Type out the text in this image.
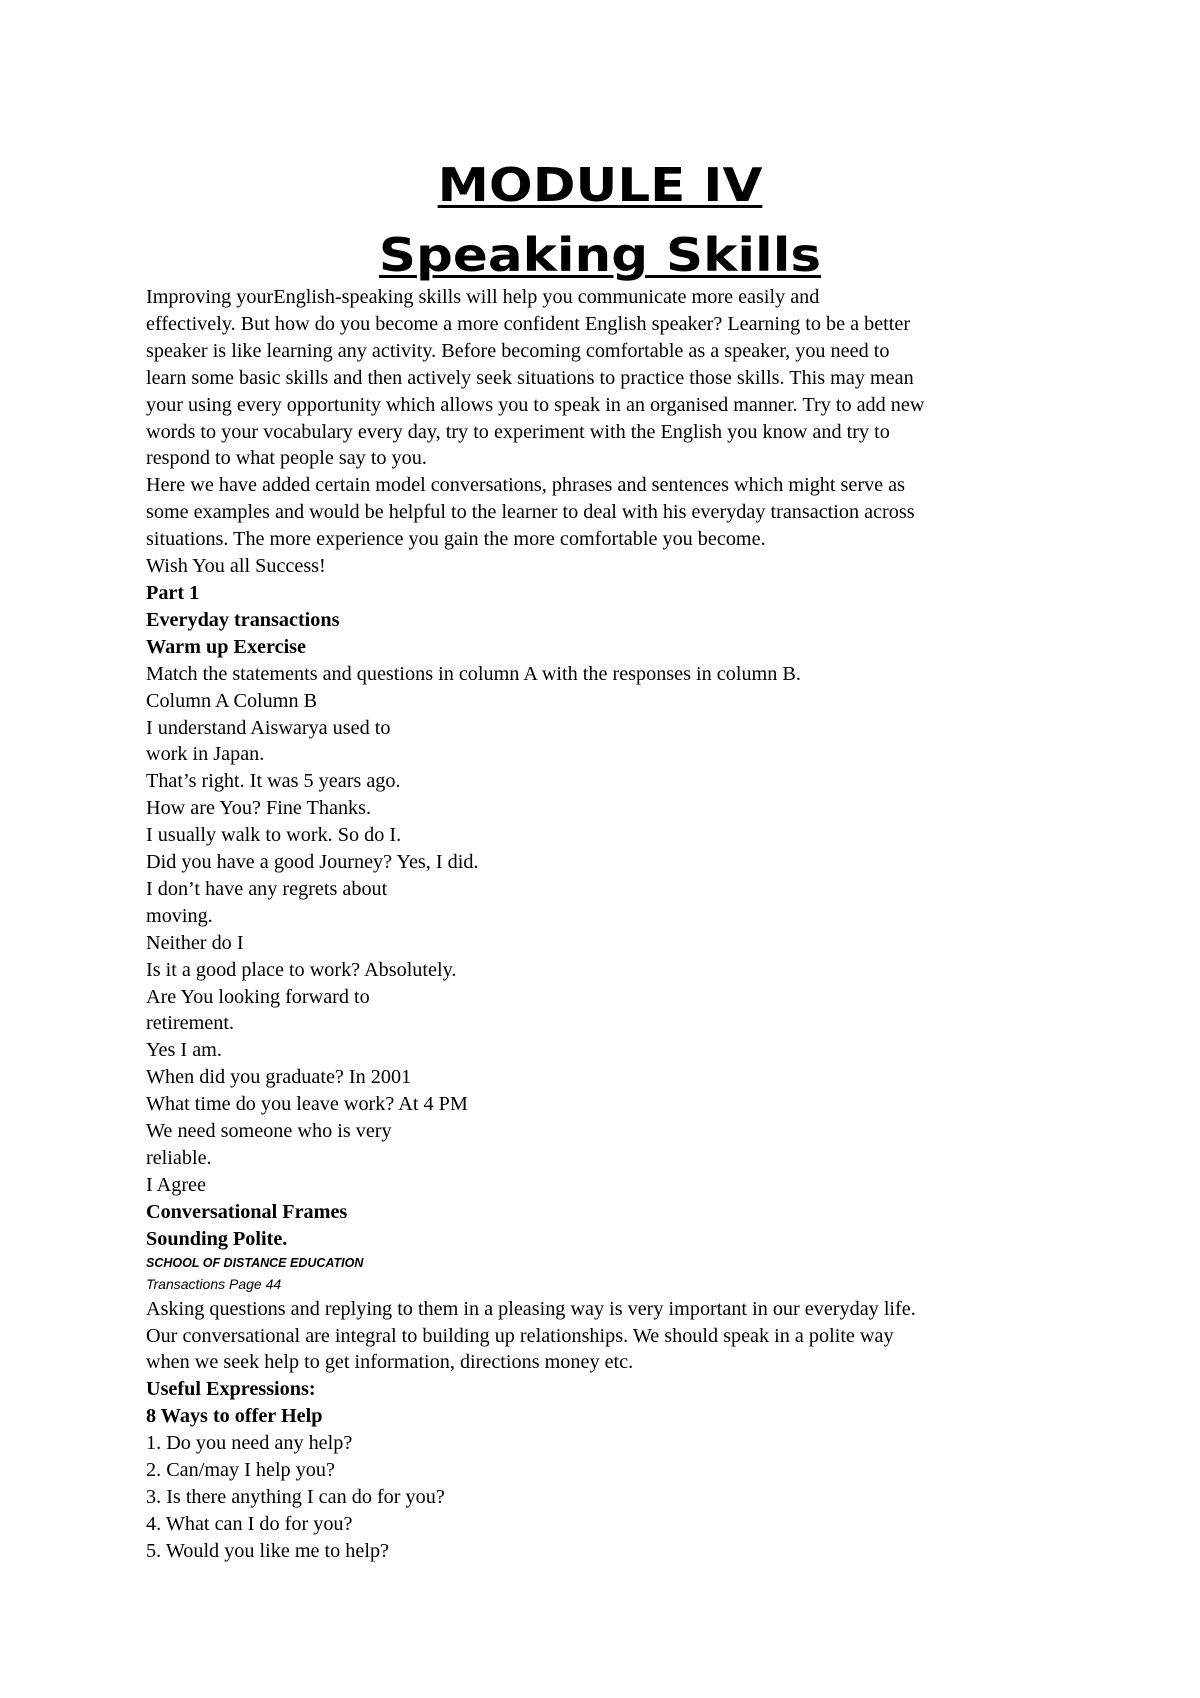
MODULE IV
Speaking Skills
Improving yourEnglish-speaking skills will help you communicate more easily and
effectively. But how do you become a more confident English speaker? Learning to be a better
speaker is like learning any activity. Before becoming comfortable as a speaker, you need to
learn some basic skills and then actively seek situations to practice those skills. This may mean
your using every opportunity which allows you to speak in an organised manner. Try to add new
words to your vocabulary every day, try to experiment with the English you know and try to
respond to what people say to you.
Here we have added certain model conversations, phrases and sentences which might serve as
some examples and would be helpful to the learner to deal with his everyday transaction across
situations. The more experience you gain the more comfortable you become.
Wish You all Success!
Part 1
Everyday transactions
Warm up Exercise
Match the statements and questions in column A with the responses in column B.
Column A Column B
I understand Aiswarya used to
work in Japan.
That’s right. It was 5 years ago.
How are You? Fine Thanks.
I usually walk to work. So do I.
Did you have a good Journey? Yes, I did.
I don’t have any regrets about
moving.
Neither do I
Is it a good place to work? Absolutely.
Are You looking forward to
retirement.
Yes I am.
When did you graduate? In 2001
What time do you leave work? At 4 PM
We need someone who is very
reliable.
I Agree
Conversational Frames
Sounding Polite.
SCHOOL OF DISTANCE EDUCATION
Transactions Page 44
Asking questions and replying to them in a pleasing way is very important in our everyday life.
Our conversational are integral to building up relationships. We should speak in a polite way
when we seek help to get information, directions money etc.
Useful Expressions:
8 Ways to offer Help
1. Do you need any help?
2. Can/may I help you?
3. Is there anything I can do for you?
4. What can I do for you?
5. Would you like me to help?
